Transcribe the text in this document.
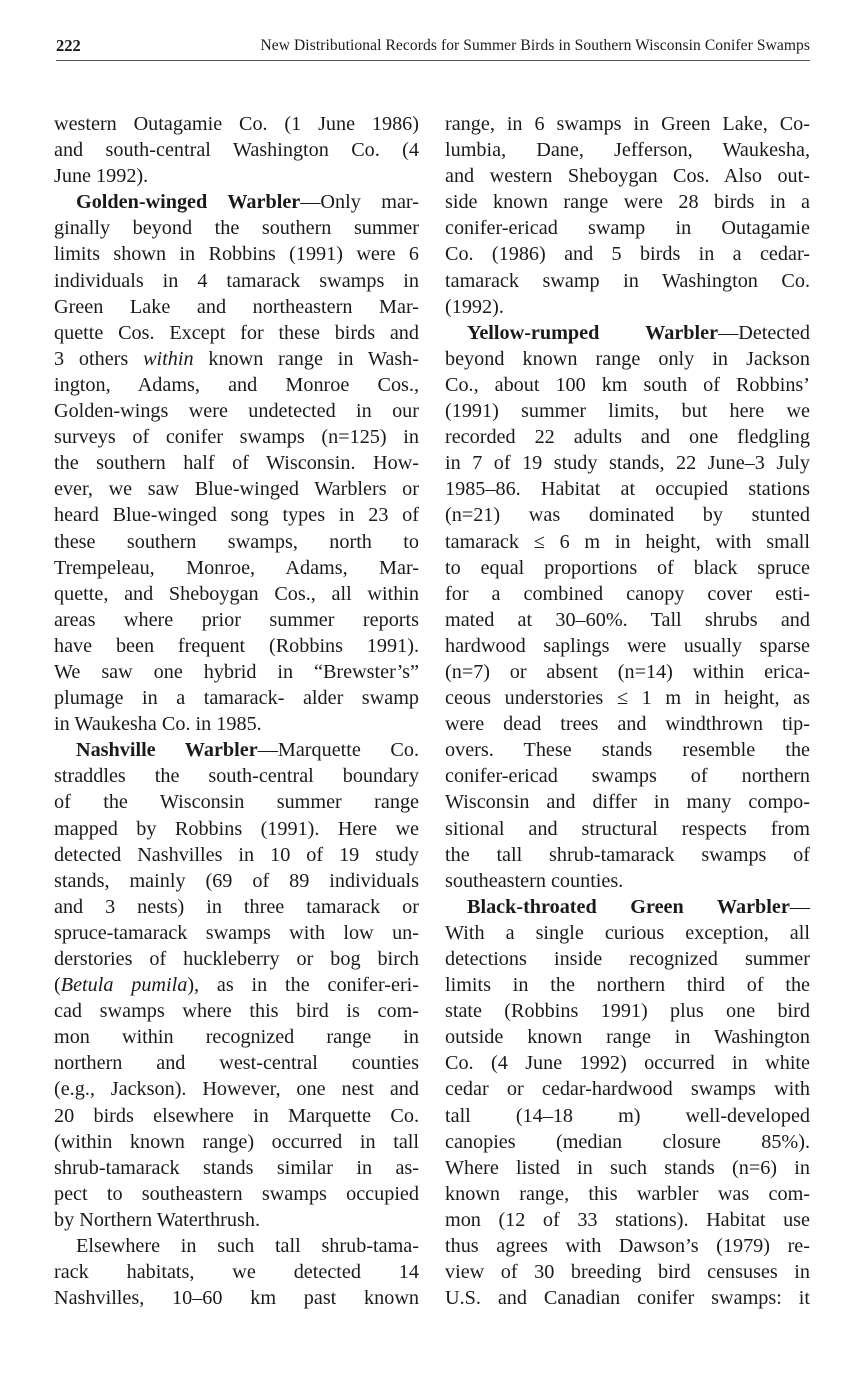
222	New Distributional Records for Summer Birds in Southern Wisconsin Conifer Swamps
western Outagamie Co. (1 June 1986)
and south-central Washington Co. (4
June 1992).
Golden-winged Warbler—Only mar-
ginally beyond the southern summer
limits shown in Robbins (1991) were 6
individuals in 4 tamarack swamps in
Green Lake and northeastern Mar-
quette Cos. Except for these birds and
3 others within known range in Wash-
ington, Adams, and Monroe Cos.,
Golden-wings were undetected in our
surveys of conifer swamps (n=125) in
the southern half of Wisconsin. How-
ever, we saw Blue-winged Warblers or
heard Blue-winged song types in 23 of
these southern swamps, north to
Trempeleau, Monroe, Adams, Mar-
quette, and Sheboygan Cos., all within
areas where prior summer reports
have been frequent (Robbins 1991).
We saw one hybrid in “Brewster’s”
plumage in a tamarack- alder swamp
in Waukesha Co. in 1985.
Nashville Warbler—Marquette Co.
straddles the south-central boundary
of the Wisconsin summer range
mapped by Robbins (1991). Here we
detected Nashvilles in 10 of 19 study
stands, mainly (69 of 89 individuals
and 3 nests) in three tamarack or
spruce-tamarack swamps with low un-
derstories of huckleberry or bog birch
(Betula pumila), as in the conifer-eri-
cad swamps where this bird is com-
mon within recognized range in
northern and west-central counties
(e.g., Jackson). However, one nest and
20 birds elsewhere in Marquette Co.
(within known range) occurred in tall
shrub-tamarack stands similar in as-
pect to southeastern swamps occupied
by Northern Waterthrush.
Elsewhere in such tall shrub-tama-
rack habitats, we detected 14
Nashvilles, 10–60 km past known
range, in 6 swamps in Green Lake, Co-
lumbia, Dane, Jefferson, Waukesha,
and western Sheboygan Cos. Also out-
side known range were 28 birds in a
conifer-ericad swamp in Outagamie
Co. (1986) and 5 birds in a cedar-
tamarack swamp in Washington Co.
(1992).
Yellow-rumped Warbler—Detected
beyond known range only in Jackson
Co., about 100 km south of Robbins’
(1991) summer limits, but here we
recorded 22 adults and one fledgling
in 7 of 19 study stands, 22 June–3 July
1985–86. Habitat at occupied stations
(n=21) was dominated by stunted
tamarack ≤ 6 m in height, with small
to equal proportions of black spruce
for a combined canopy cover esti-
mated at 30–60%. Tall shrubs and
hardwood saplings were usually sparse
(n=7) or absent (n=14) within erica-
ceous understories ≤ 1 m in height, as
were dead trees and windthrown tip-
overs. These stands resemble the
conifer-ericad swamps of northern
Wisconsin and differ in many compo-
sitional and structural respects from
the tall shrub-tamarack swamps of
southeastern counties.
Black-throated Green Warbler—
With a single curious exception, all
detections inside recognized summer
limits in the northern third of the
state (Robbins 1991) plus one bird
outside known range in Washington
Co. (4 June 1992) occurred in white
cedar or cedar-hardwood swamps with
tall (14–18 m) well-developed
canopies (median closure 85%).
Where listed in such stands (n=6) in
known range, this warbler was com-
mon (12 of 33 stations). Habitat use
thus agrees with Dawson’s (1979) re-
view of 30 breeding bird censuses in
U.S. and Canadian conifer swamps: it
